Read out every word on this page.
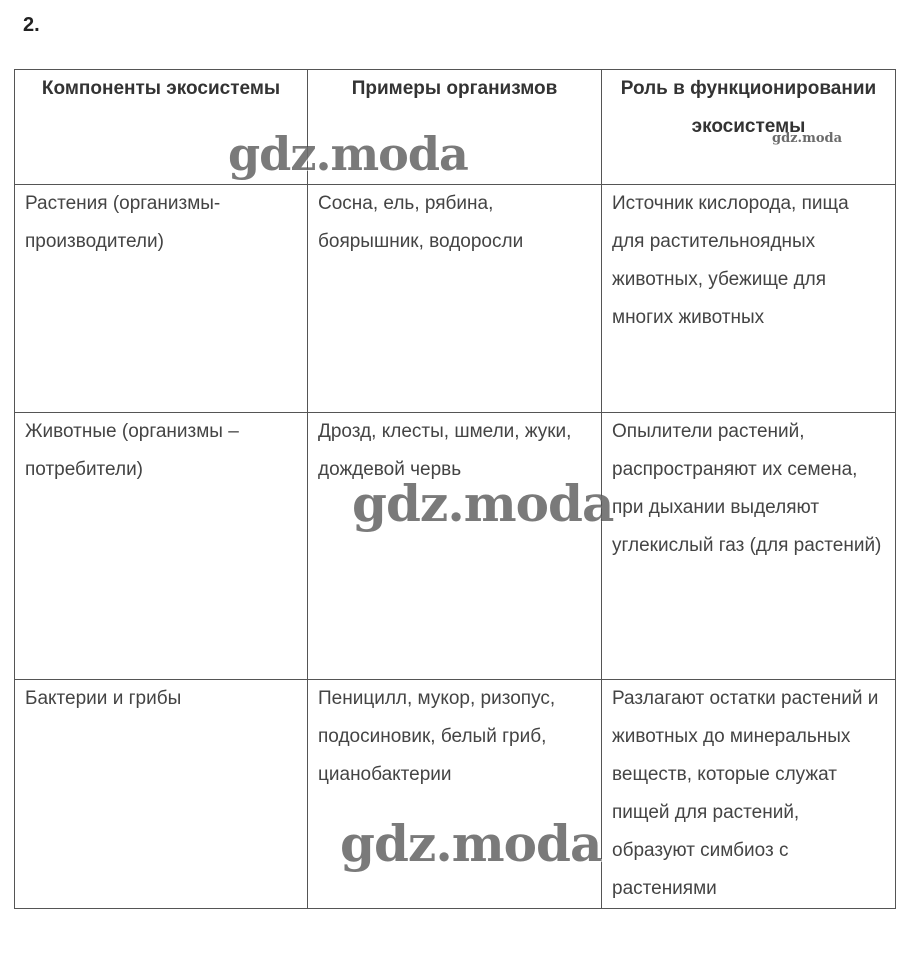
2.
Компоненты экосистемы	Примеры организмов	Роль в функционировании экосистемы
Растения (организмы-производители)	Сосна, ель, рябина, боярышник, водоросли	Источник кислорода, пища для растительноядных животных, убежище для многих животных
Животные (организмы – потребители)	Дрозд, клесты, шмели, жуки, дождевой червь	Опылители растений, распространяют их семена, при дыхании выделяют углекислый газ (для растений)
Бактерии и грибы	Пеницилл, мукор, ризопус, подосиновик, белый гриб, цианобактерии	Разлагают остатки растений и животных до минеральных веществ, которые служат пищей для растений, образуют симбиоз с растениями
gdz.moda
gdz.moda
gdz.moda
gdz.moda
